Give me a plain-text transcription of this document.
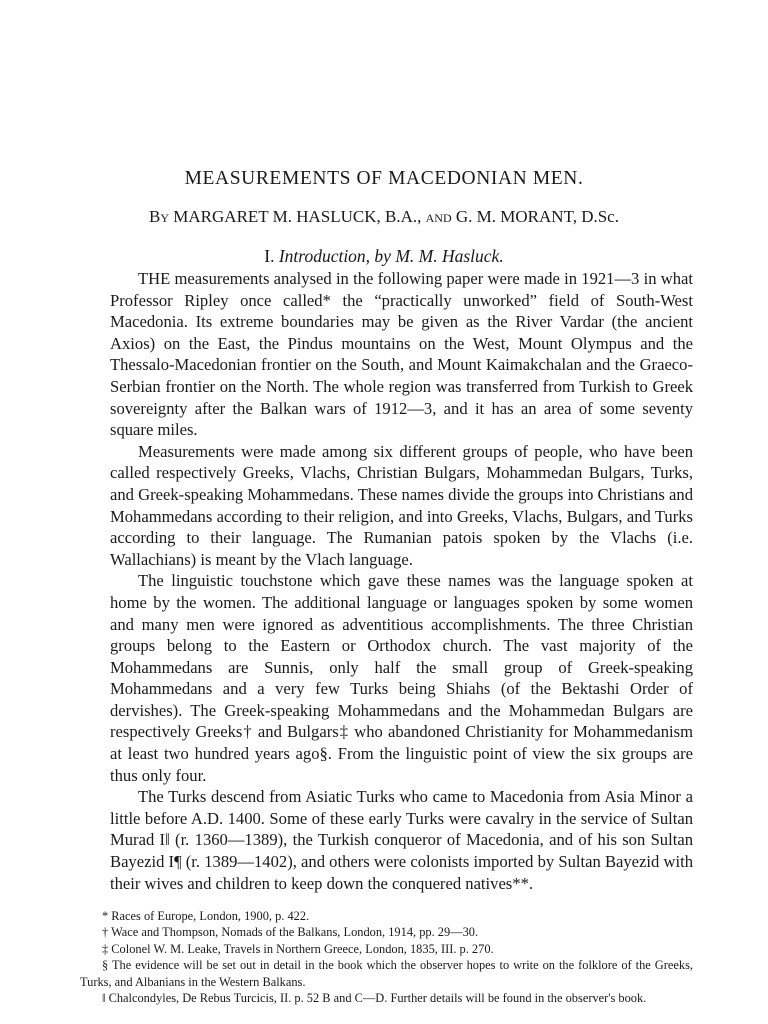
MEASUREMENTS OF MACEDONIAN MEN.
By MARGARET M. HASLUCK, B.A., and G. M. MORANT, D.Sc.
I. Introduction, by M. M. Hasluck.

THE measurements analysed in the following paper were made in 1921—3 in what Professor Ripley once called* the “practically unworked” field of South-West Macedonia. Its extreme boundaries may be given as the River Vardar (the ancient Axios) on the East, the Pindus mountains on the West, Mount Olympus and the Thessalo-Macedonian frontier on the South, and Mount Kaimakchalan and the Graeco-Serbian frontier on the North. The whole region was transferred from Turkish to Greek sovereignty after the Balkan wars of 1912—3, and it has an area of some seventy square miles.

Measurements were made among six different groups of people, who have been called respectively Greeks, Vlachs, Christian Bulgars, Mohammedan Bulgars, Turks, and Greek-speaking Mohammedans. These names divide the groups into Christians and Mohammedans according to their religion, and into Greeks, Vlachs, Bulgars, and Turks according to their language. The Rumanian patois spoken by the Vlachs (i.e. Wallachians) is meant by the Vlach language.

The linguistic touchstone which gave these names was the language spoken at home by the women. The additional language or languages spoken by some women and many men were ignored as adventitious accomplishments. The three Christian groups belong to the Eastern or Orthodox church. The vast majority of the Mohammedans are Sunnis, only half the small group of Greek-speaking Mohammedans and a very few Turks being Shiahs (of the Bektashi Order of dervishes). The Greek-speaking Mohammedans and the Mohammedan Bulgars are respectively Greeks† and Bulgars‡ who abandoned Christianity for Mohammedanism at least two hundred years ago§. From the linguistic point of view the six groups are thus only four.

The Turks descend from Asiatic Turks who came to Macedonia from Asia Minor a little before A.D. 1400. Some of these early Turks were cavalry in the service of Sultan Murad I‖ (r. 1360—1389), the Turkish conqueror of Macedonia, and of his son Sultan Bayezid I¶ (r. 1389—1402), and others were colonists imported by Sultan Bayezid with their wives and children to keep down the conquered natives**.

* Races of Europe, London, 1900, p. 422.

† Wace and Thompson, Nomads of the Balkans, London, 1914, pp. 29—30.

‡ Colonel W. M. Leake, Travels in Northern Greece, London, 1835, III. p. 270.

§ The evidence will be set out in detail in the book which the observer hopes to write on the folklore of the Greeks, Turks, and Albanians in the Western Balkans.

‖ Chalcondyles, De Rebus Turcicis, II. p. 52 B and C—D. Further details will be found in the observer's book.
